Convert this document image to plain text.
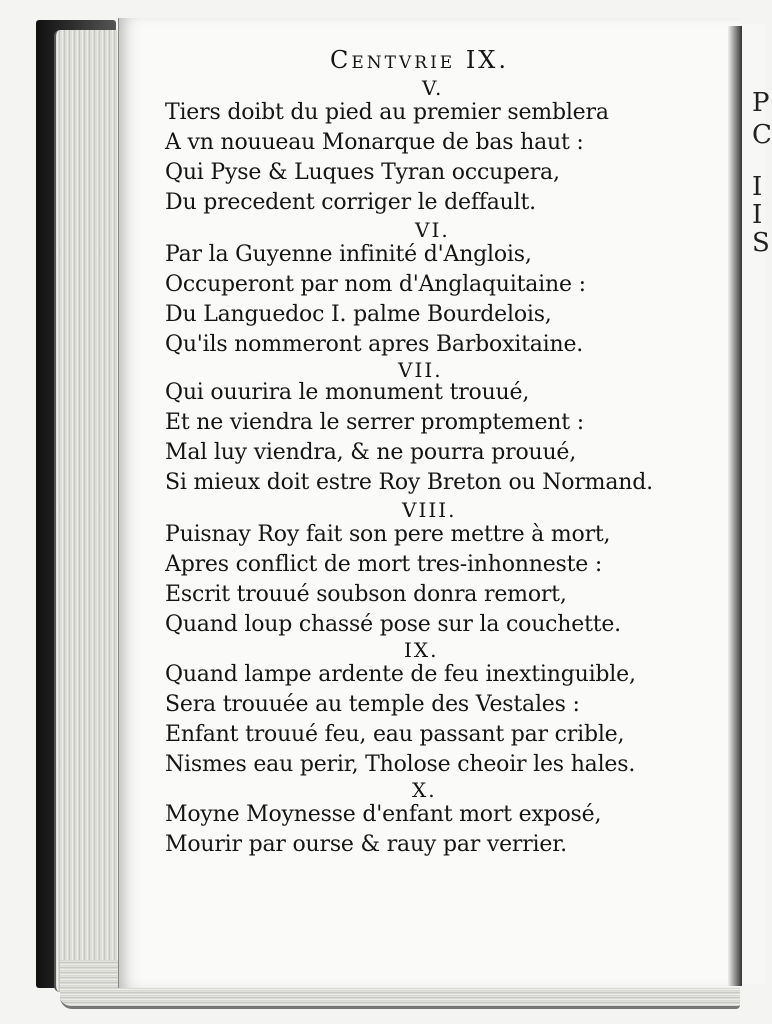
P
C
I
I
S
Centvrie IX.
V.
Tiers doibt du pied au premier semblera
A vn nouueau Monarque de bas haut :
Qui Pyse & Luques Tyran occupera,
Du precedent corriger le deffault.
VI.
Par la Guyenne infinité d'Anglois,
Occuperont par nom d'Anglaquitaine :
Du Languedoc I. palme Bourdelois,
Qu'ils nommeront apres Barboxitaine.
VII.
Qui ouurira le monument trouué,
Et ne viendra le serrer promptement :
Mal luy viendra, & ne pourra prouué,
Si mieux doit estre Roy Breton ou Normand.
VIII.
Puisnay Roy fait son pere mettre à mort,
Apres conflict de mort tres-inhonneste :
Escrit trouué soubson donra remort,
Quand loup chassé pose sur la couchette.
IX.
Quand lampe ardente de feu inextinguible,
Sera trouuée au temple des Vestales :
Enfant trouué feu, eau passant par crible,
Nismes eau perir, Tholose cheoir les hales.
X.
Moyne Moynesse d'enfant mort exposé,
Mourir par ourse & rauy par verrier.
